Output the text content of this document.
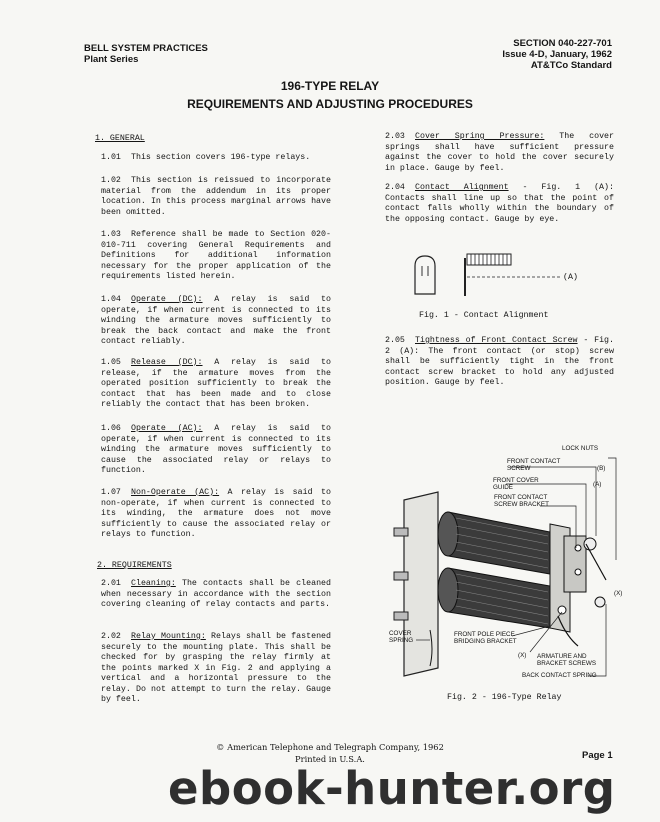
BELL SYSTEM PRACTICES
Plant Series
SECTION 040-227-701
Issue 4-D, January, 1962
AT&TCo Standard
196-TYPE RELAY
REQUIREMENTS AND ADJUSTING PROCEDURES
1. GENERAL
1.01 This section covers 196-type relays.
1.02 This section is reissued to incorporate material from the addendum in its proper location. In this process marginal arrows have been omitted.
1.03 Reference shall be made to Section 020-010-711 covering General Requirements and Definitions for additional information necessary for the proper application of the requirements listed herein.
1.04 Operate (DC): A relay is said to operate, if when current is connected to its winding the armature moves sufficiently to break the back contact and make the front contact reliably.
1.05 Release (DC): A relay is said to release, if the armature moves from the operated position sufficiently to break the contact that has been made and to close reliably the contact that has been broken.
1.06 Operate (AC): A relay is said to operate, if when current is connected to its winding the armature moves sufficiently to cause the associated relay or relays to function.
1.07 Non-Operate (AC): A relay is said to non-operate, if when current is connected to its winding, the armature does not move sufficiently to cause the associated relay or relays to function.
2. REQUIREMENTS
2.01 Cleaning: The contacts shall be cleaned when necessary in accordance with the section covering cleaning of relay contacts and parts.
2.02 Relay Mounting: Relays shall be fastened securely to the mounting plate. This shall be checked for by grasping the relay firmly at the points marked X in Fig. 2 and applying a vertical and a horizontal pressure to the relay. Do not attempt to turn the relay. Gauge by feel.
2.03 Cover Spring Pressure: The cover springs shall have sufficient pressure against the cover to hold the cover securely in place. Gauge by feel.
2.04 Contact Alignment - Fig. 1 (A): Contacts shall line up so that the point of contact falls wholly within the boundary of the opposing contact. Gauge by eye.
(A)
Fig. 1 - Contact Alignment
2.05 Tightness of Front Contact Screw - Fig. 2 (A): The front contact (or stop) screw shall be sufficiently tight in the front contact screw bracket to hold any adjusted position. Gauge by feel.
LOCK NUTS
FRONT CONTACT
SCREW	(B)
FRONT COVER
GUIDE	(A)
FRONT CONTACT
SCREW BRACKET
(X)
COVER
SPRING
FRONT POLE PIECE
BRIDGING BRACKET
(X) ARMATURE AND
BRACKET SCREWS
BACK CONTACT SPRING
Fig. 2 - 196-Type Relay
© American Telephone and Telegraph Company, 1962
Printed in U.S.A.	Page 1
ebook-hunter.org
